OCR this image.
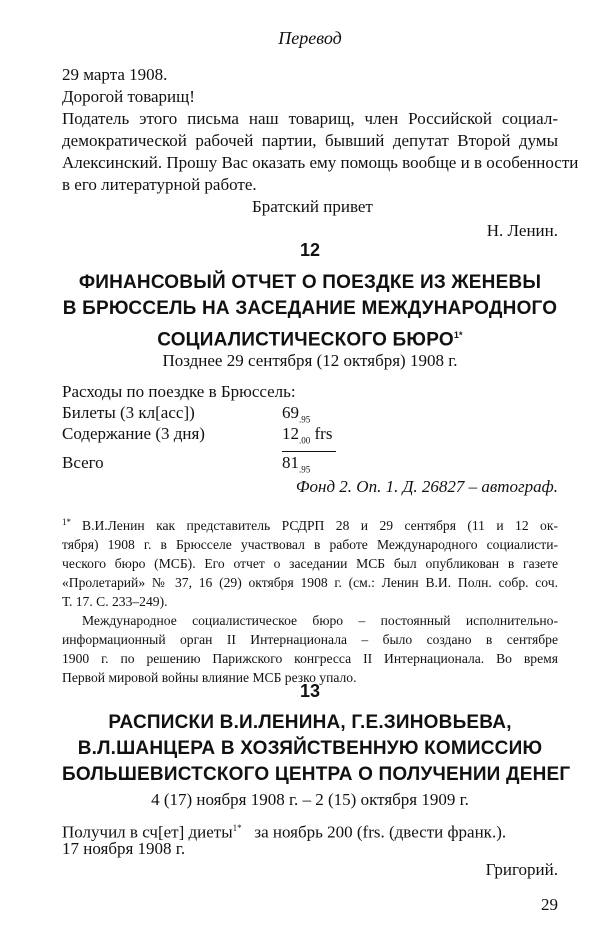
Перевод
29 марта 1908.
Дорогой товарищ!
Податель этого письма наш товарищ, член Российской социал-
демократической рабочей партии, бывший депутат Второй думы
Алексинский. Прошу Вас оказать ему помощь вообще и в особенности
в его литературной работе.
Братский привет
Н. Ленин.
12
ФИНАНСОВЫЙ ОТЧЕТ О ПОЕЗДКЕ ИЗ ЖЕНЕВЫ
В БРЮССЕЛЬ НА ЗАСЕДАНИЕ МЕЖДУНАРОДНОГО
СОЦИАЛИСТИЧЕСКОГО $БЮРО^{1*}$
Позднее 29 сентября (12 октября) 1908 г.
Расходы по поездке в Брюссель:
Билеты (3 кл[асс])	$69_{.95}$
Содержание (3 дня)	$12_{.00}$ frs
Всего	$81_{.95}$
Фонд 2. Оп. 1. Д. 26827 – автограф.
1* В.И.Ленин как представитель РСДРП 28 и 29 сентября (11 и 12 ок-
тября) 1908 г. в Брюсселе участвовал в работе Международного социалисти-
ческого бюро (МСБ). Его отчет о заседании МСБ был опубликован в газете
«Пролетарий» № 37, 16 (29) октября 1908 г. (см.: Ленин В.И. Полн. собр. соч.
Т. 17. С. 233–249).
Международное социалистическое бюро – постоянный исполнительно-
информационный орган II Интернационала – было создано в сентябре
1900 г. по решению Парижского конгресса II Интернационала. Во время
Первой мировой войны влияние МСБ резко упало.
13
РАСПИСКИ В.И.ЛЕНИНА, Г.Е.ЗИНОВЬЕВА,
В.Л.ШАНЦЕРА В ХОЗЯЙСТВЕННУЮ КОМИССИЮ
БОЛЬШЕВИСТСКОГО ЦЕНТРА О ПОЛУЧЕНИИ ДЕНЕГ
4 (17) ноября 1908 г. – 2 (15) октября 1909 г.
Получил в сч[ет] диеты$^{1*}$ за ноябрь 200 (frs. (двести франк.).
17 ноября 1908 г.
Григорий.
29
